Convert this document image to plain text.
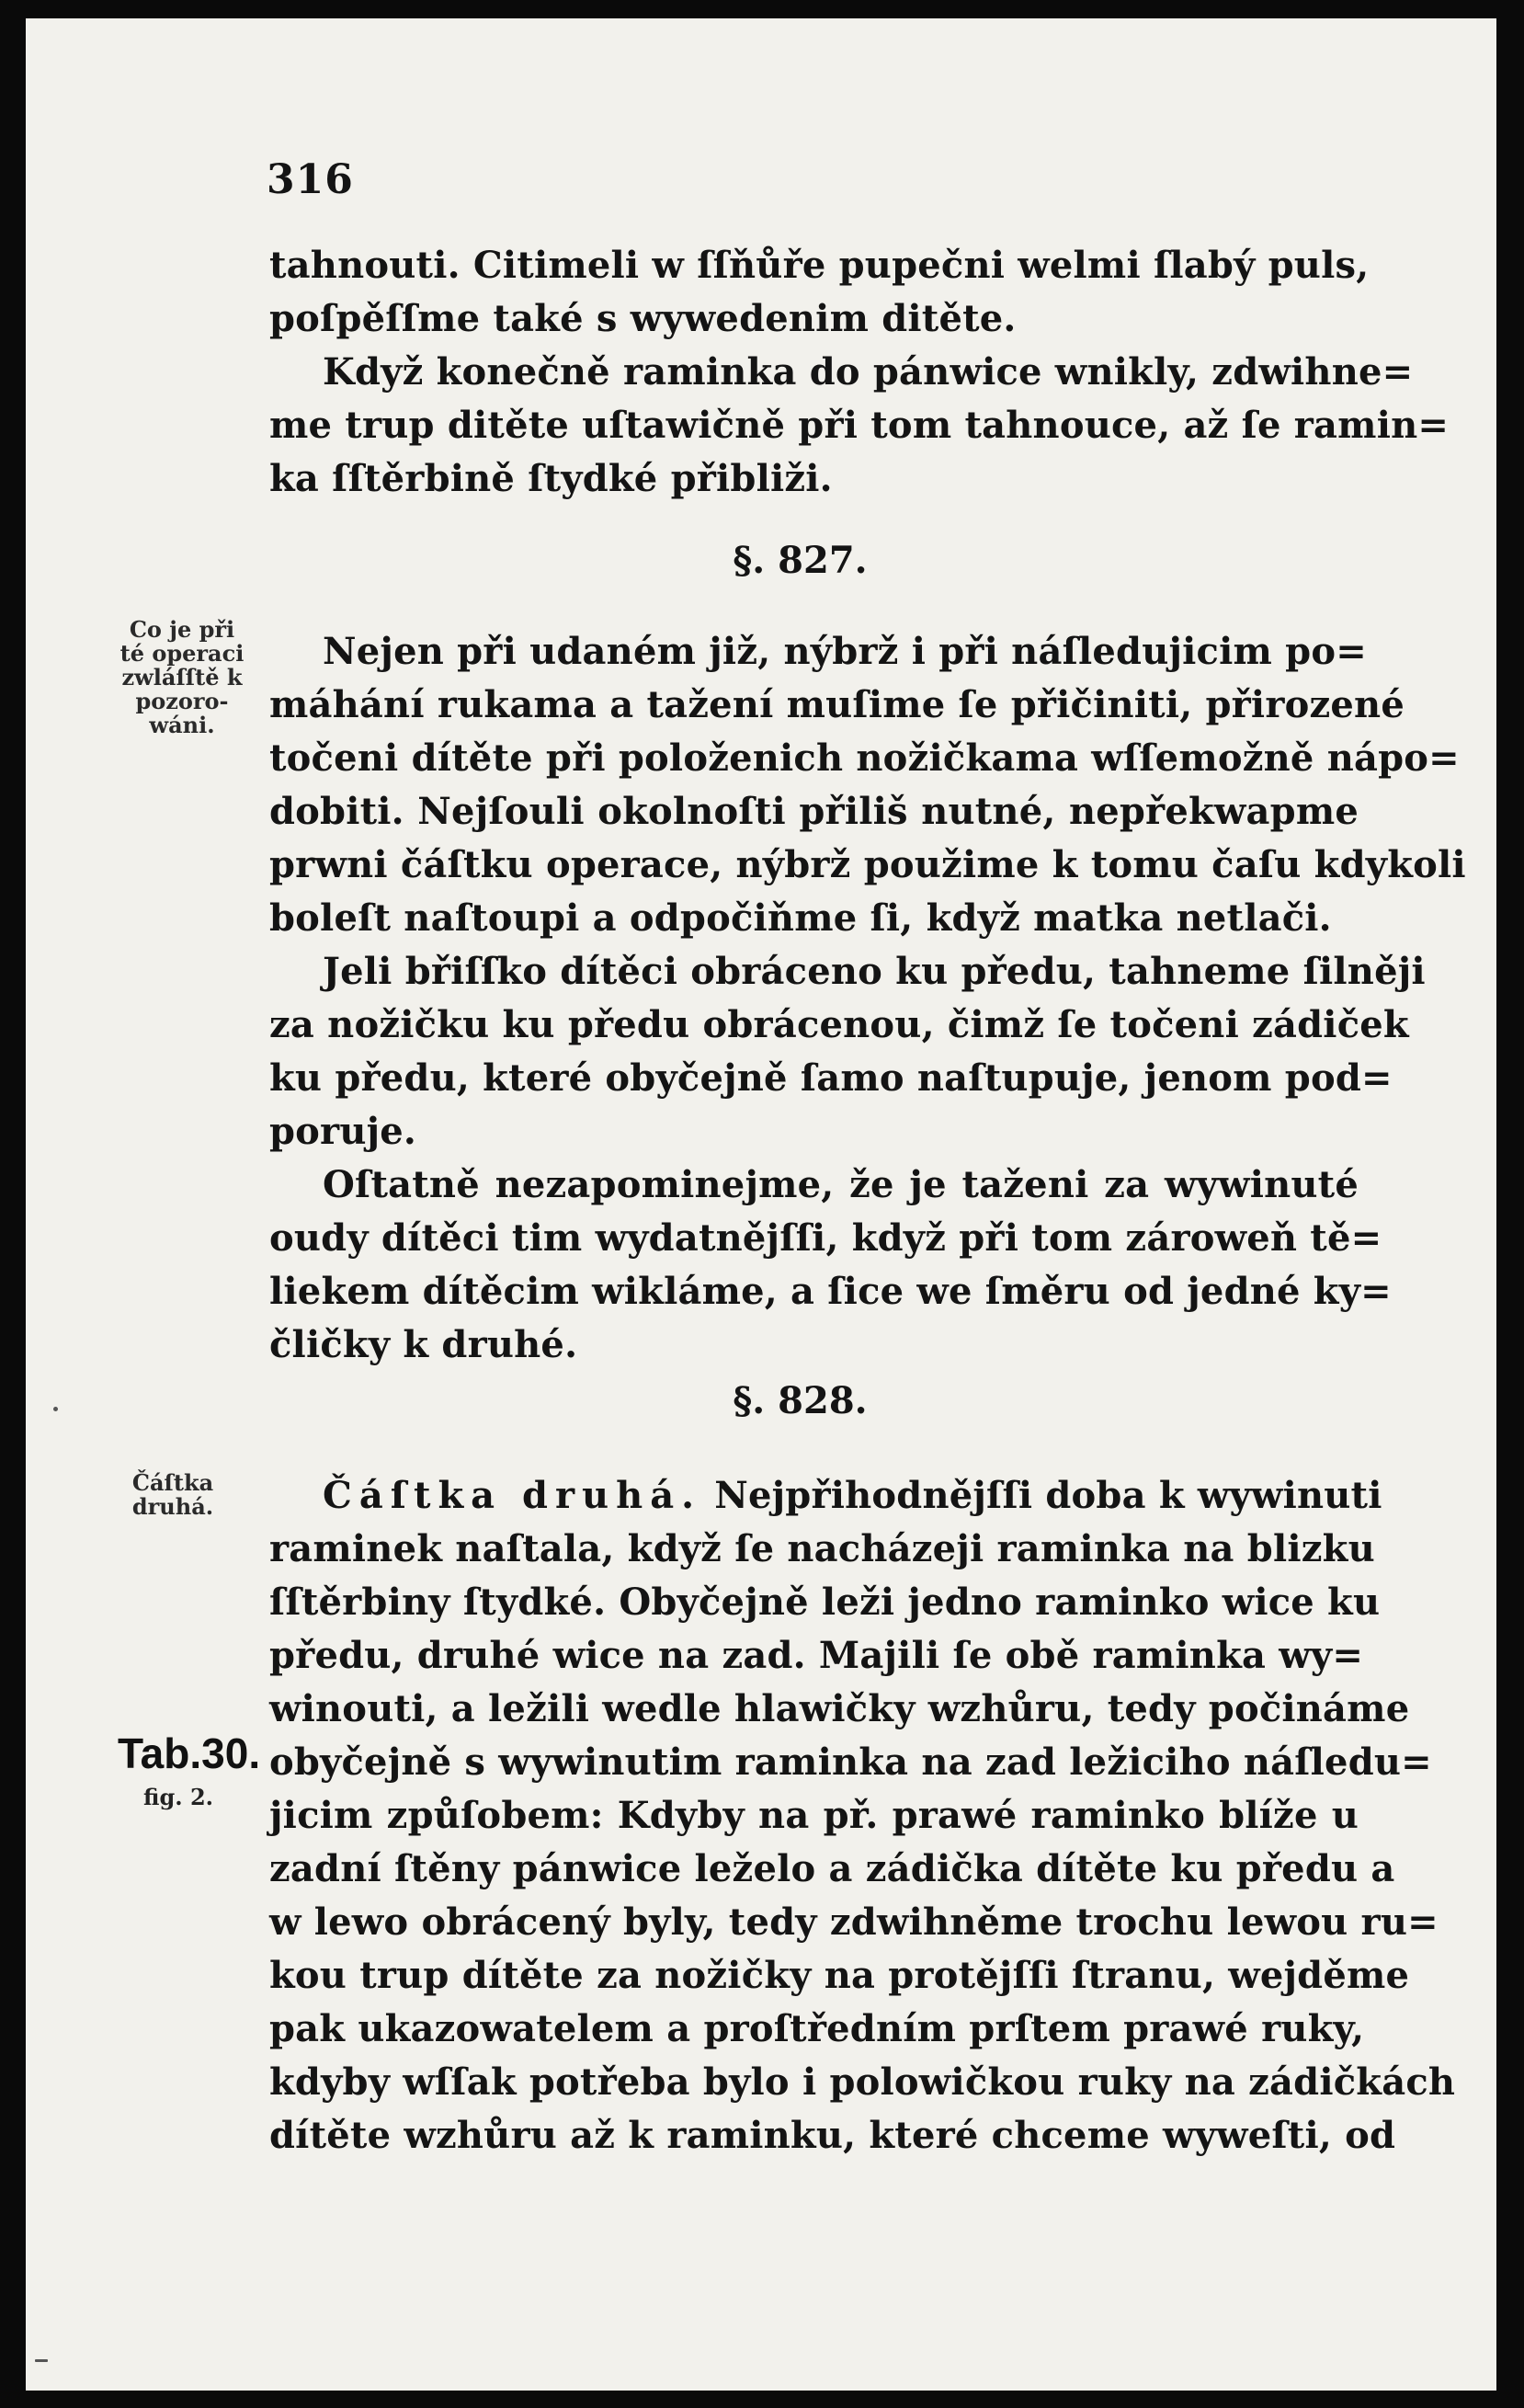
316
tahnouti. Citimeli w ſſňůře pupečni welmi ſlabý puls,
poſpěſſme také s wywedenim ditěte.
Když konečně raminka do pánwice wnikly, zdwihne=
me trup ditěte uſtawičně při tom tahnouce, až ſe ramin=
ka ſſtěrbině ſtydké přibliži.
§. 827.
Co je při
té operaci
zwláſſtě k
pozoro-
wáni.
Nejen při udaném již, nýbrž i při náſledujicim po=
máhání rukama a tažení muſime ſe přičiniti, přirozené
točeni dítěte při položenich nožičkama wſſemožně nápo=
dobiti. Nejſouli okolnoſti přiliš nutné, nepřekwapme
prwni čáſtku operace, nýbrž použime k tomu čaſu kdykoli
boleſt naſtoupi a odpočiňme ſi, když matka netlači.
Jeli břiſſko dítěci obráceno ku předu, tahneme ſilněji
za nožičku ku předu obrácenou, čimž ſe točeni zádiček
ku předu, které obyčejně ſamo naſtupuje, jenom pod=
poruje.
Oſtatně nezapominejme, že je taženi za wywinuté
oudy dítěci tim wydatnějſſi, když při tom zároweň tě=
liekem dítěcim wikláme, a ſice we ſměru od jedné ky=
čličky k druhé.
§. 828.
Čáſtka
druhá.
Tab.30.
fig. 2.
Čáſtka druhá. Nejpřihodnějſſi doba k wywinuti
raminek naſtala, když ſe nacházeji raminka na blizku
ſſtěrbiny ſtydké. Obyčejně leži jedno raminko wice ku
předu, druhé wice na zad. Majili ſe obě raminka wy=
winouti, a ležili wedle hlawičky wzhůru, tedy počináme
obyčejně s wywinutim raminka na zad ležiciho náſledu=
jicim způſobem: Kdyby na př. prawé raminko blíže u
zadní ſtěny pánwice leželo a zádička dítěte ku předu a
w lewo obrácený byly, tedy zdwihněme trochu lewou ru=
kou trup dítěte za nožičky na protějſſi ſtranu, wejděme
pak ukazowatelem a proſtředním prſtem prawé ruky,
kdyby wſſak potřeba bylo i polowičkou ruky na zádičkách
dítěte wzhůru až k raminku, které chceme wyweſti, od
